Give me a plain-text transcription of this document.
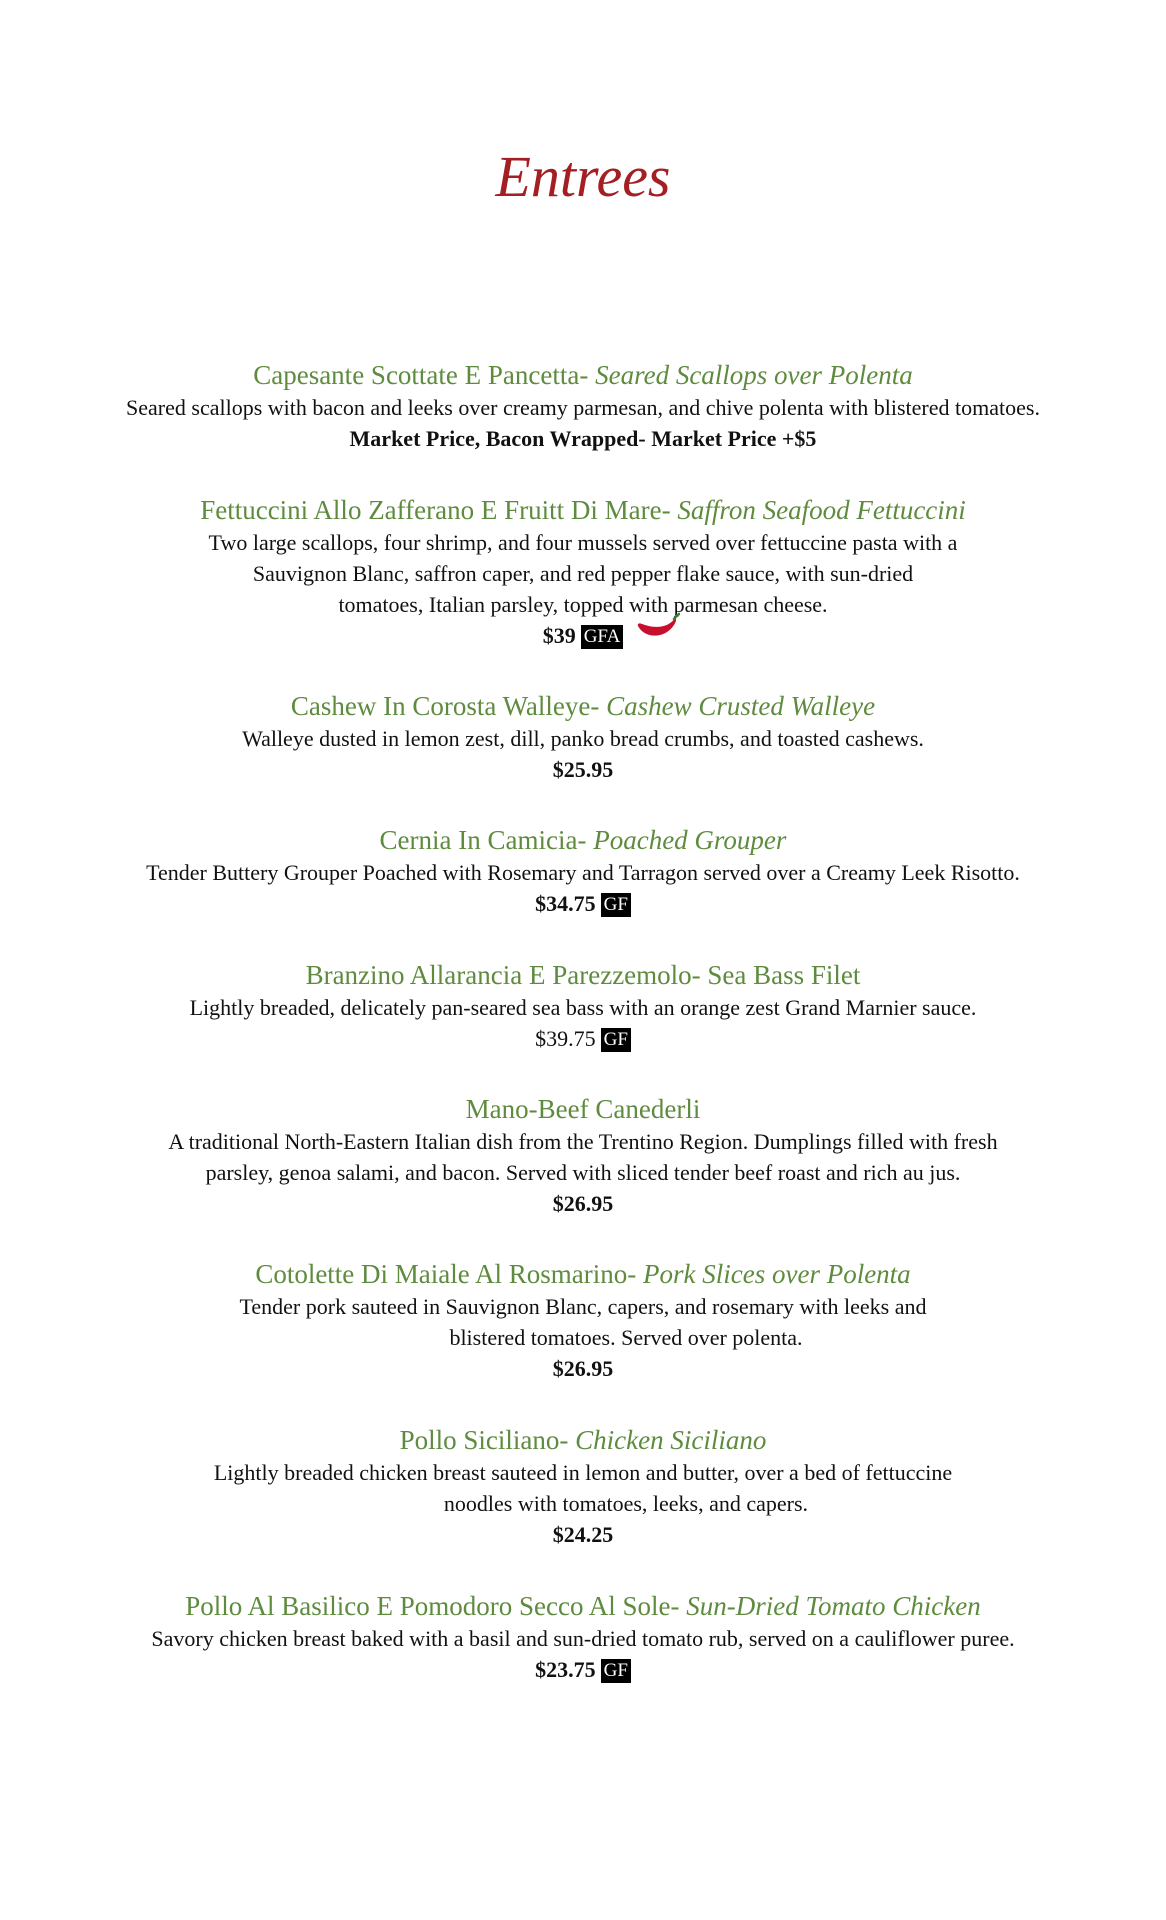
Entrees
Capesante Scottate E Pancetta- Seared Scallops over Polenta
Seared scallops with bacon and leeks over creamy parmesan, and chive polenta with blistered tomatoes.
Market Price, Bacon Wrapped- Market Price +$5
Fettuccini Allo Zafferano E Fruitt Di Mare- Saffron Seafood Fettuccini
Two large scallops, four shrimp, and four mussels served over fettuccine pasta with a
Sauvignon Blanc, saffron caper, and red pepper flake sauce, with sun-dried
tomatoes, Italian parsley, topped with parmesan cheese.
$39 GFA
Cashew In Corosta Walleye- Cashew Crusted Walleye
Walleye dusted in lemon zest, dill, panko bread crumbs, and toasted cashews.
$25.95
Cernia In Camicia- Poached Grouper
Tender Buttery Grouper Poached with Rosemary and Tarragon served over a Creamy Leek Risotto.
$34.75 GF
Branzino Allarancia E Parezzemolo- Sea Bass Filet
Lightly breaded, delicately pan-seared sea bass with an orange zest Grand Marnier sauce.
$39.75 GF
Mano-Beef Canederli
A traditional North-Eastern Italian dish from the Trentino Region. Dumplings filled with fresh
parsley, genoa salami, and bacon. Served with sliced tender beef roast and rich au jus.
$26.95
Cotolette Di Maiale Al Rosmarino- Pork Slices over Polenta
Tender pork sauteed in Sauvignon Blanc, capers, and rosemary with leeks and
blistered tomatoes. Served over polenta.
$26.95
Pollo Siciliano- Chicken Siciliano
Lightly breaded chicken breast sauteed in lemon and butter, over a bed of fettuccine
noodles with tomatoes, leeks, and capers.
$24.25
Pollo Al Basilico E Pomodoro Secco Al Sole- Sun-Dried Tomato Chicken
Savory chicken breast baked with a basil and sun-dried tomato rub, served on a cauliflower puree.
$23.75 GF
